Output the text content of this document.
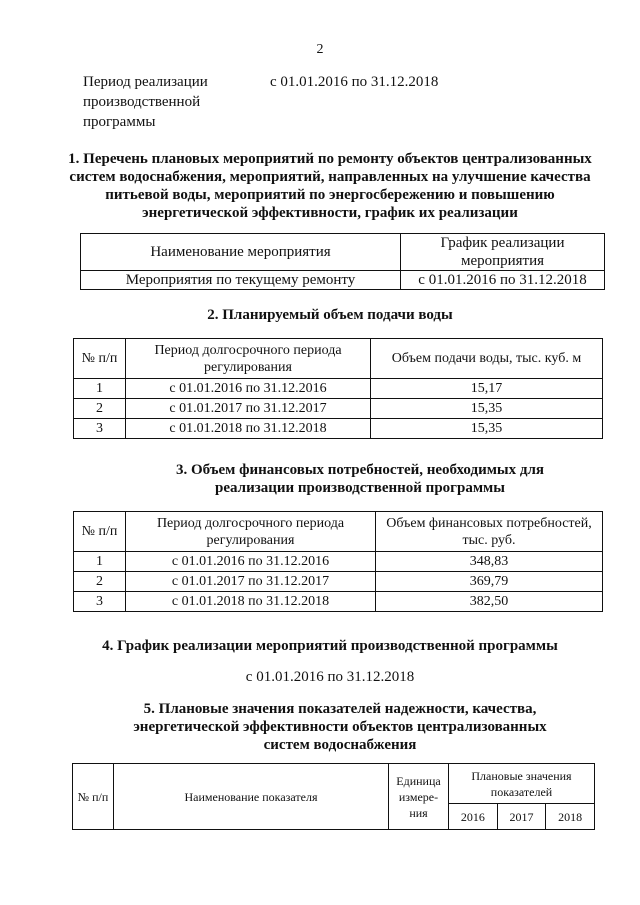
2
Период реализации производственной программы
с 01.01.2016 по 31.12.2018
1. Перечень плановых мероприятий по ремонту объектов централизованных систем водоснабжения, мероприятий, направленных на улучшение качества питьевой воды, мероприятий по энергосбережению и повышению энергетической эффективности, график их реализации
Наименование мероприятия	График реализации мероприятия
Мероприятия по текущему ремонту	с 01.01.2016 по 31.12.2018
2. Планируемый объем подачи воды
№ п/п	Период долгосрочного периода регулирования	Объем подачи воды, тыс. куб. м
1	с 01.01.2016 по 31.12.2016	15,17
2	с 01.01.2017 по 31.12.2017	15,35
3	с 01.01.2018 по 31.12.2018	15,35
3. Объем финансовых потребностей, необходимых для реализации производственной программы
№ п/п	Период долгосрочного периода регулирования	Объем финансовых потребностей, тыс. руб.
1	с 01.01.2016 по 31.12.2016	348,83
2	с 01.01.2017 по 31.12.2017	369,79
3	с 01.01.2018 по 31.12.2018	382,50
4. График реализации мероприятий производственной программы
с 01.01.2016 по 31.12.2018
5. Плановые значения показателей надежности, качества, энергетической эффективности объектов централизованных систем водоснабжения
№ п/п	Наименование показателя	Единица измере-ния	Плановые значения показателей		
			2016	2017	2018
